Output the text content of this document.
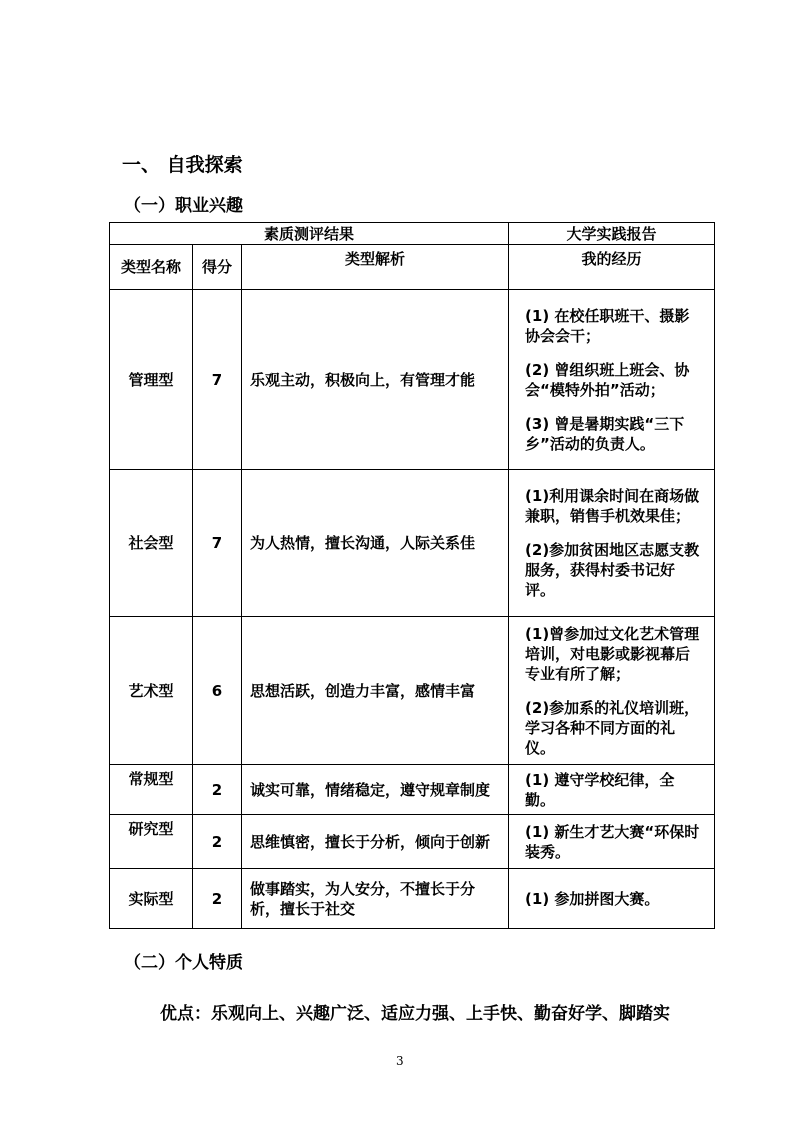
一、 自我探索
（一）职业兴趣
素质测评结果			大学实践报告
类型名称	得分	类型解析	我的经历
管理型	7	乐观主动，积极向上，有管理才能	(1) 在校任职班干、摄影协会会干；

(2) 曾组织班上班会、协会“模特外拍”活动；

(3) 曾是暑期实践“三下乡”活动的负责人。

社会型	7	为人热情，擅长沟通，人际关系佳	(1)利用课余时间在商场做兼职，销售手机效果佳；

(2)参加贫困地区志愿支教服务，获得村委书记好评。

艺术型	6	思想活跃，创造力丰富，感情丰富	(1)曾参加过文化艺术管理培训，对电影或影视幕后专业有所了解；

(2)参加系的礼仪培训班，学习各种不同方面的礼仪。

常规型	2	诚实可靠，情绪稳定，遵守规章制度	(1) 遵守学校纪律，全勤。

研究型	2	思维慎密，擅长于分析，倾向于创新	(1) 新生才艺大赛“环保时装秀。

实际型	2	做事踏实，为人安分，不擅长于分析，擅长于社交	(1) 参加拼图大赛。

（二）个人特质
优点：乐观向上、兴趣广泛、适应力强、上手快、勤奋好学、脚踏实
3
